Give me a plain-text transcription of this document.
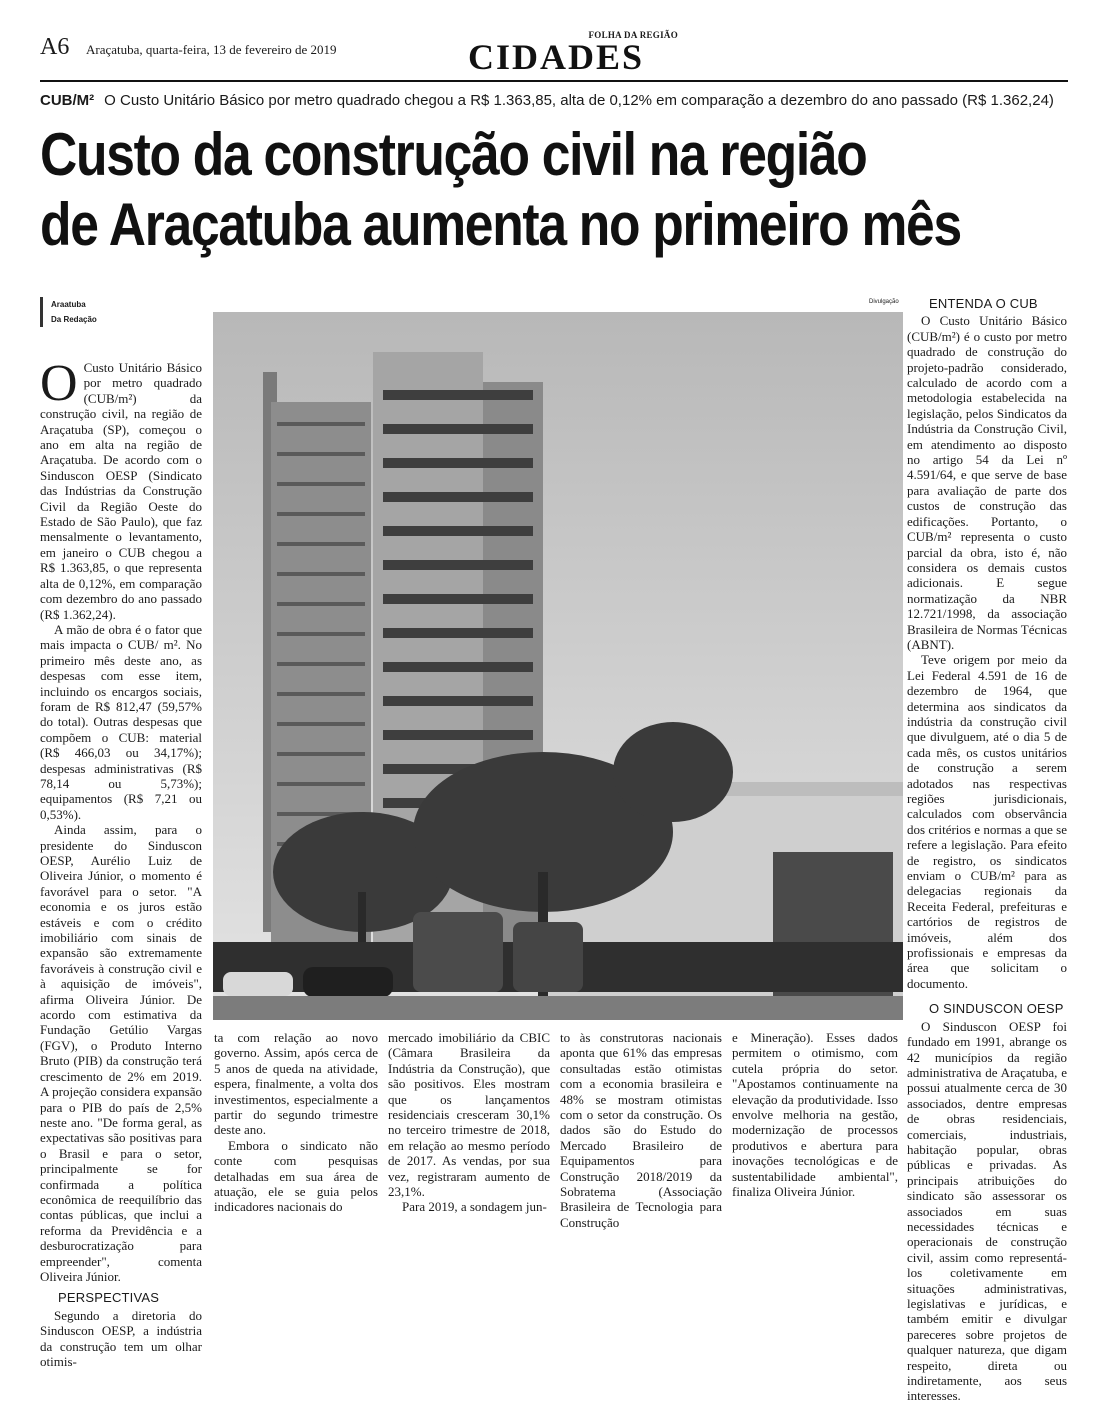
A6 Araçatuba, quarta-feira, 13 de fevereiro de 2019
FOLHA DA REGIÃO
CIDADES
CUB/M² O Custo Unitário Básico por metro quadrado chegou a R$ 1.363,85, alta de 0,12% em comparação a dezembro do ano passado (R$ 1.362,24)
Custo da construção civil na região
de Araçatuba aumenta no primeiro mês
Araatuba
Da Redação

O Custo Unitário Básico por metro quadrado (CUB/m²) da construção civil, na região de Araçatuba (SP), começou o ano em alta na região de Araçatuba. De acordo com o Sinduscon OESP (Sindicato das Indústrias da Construção Civil da Região Oeste do Estado de São Paulo), que faz mensalmente o levantamento, em janeiro o CUB chegou a R$ 1.363,85, o que representa alta de 0,12%, em comparação com dezembro do ano passado (R$ 1.362,24).

A mão de obra é o fator que mais impacta o CUB/ m². No primeiro mês deste ano, as despesas com esse item, incluindo os encargos sociais, foram de R$ 812,47 (59,57% do total). Outras despesas que compõem o CUB: material (R$ 466,03 ou 34,17%); despesas administrativas (R$ 78,14 ou 5,73%); equipamentos (R$ 7,21 ou 0,53%).

Ainda assim, para o presidente do Sinduscon OESP, Aurélio Luiz de Oliveira Júnior, o momento é favorável para o setor. "A economia e os juros estão estáveis e com o crédito imobiliário com sinais de expansão são extremamente favoráveis à construção civil e à aquisição de imóveis", afirma Oliveira Júnior. De acordo com estimativa da Fundação Getúlio Vargas (FGV), o Produto Interno Bruto (PIB) da construção terá crescimento de 2% em 2019. A projeção considera expansão para o PIB do país de 2,5% neste ano. "De forma geral, as expectativas são positivas para o Brasil e para o setor, principalmente se for confirmada a política econômica de reequilíbrio das contas públicas, que inclui a reforma da Previdência e a desburocratização para empreender", comenta Oliveira Júnior.

PERSPECTIVAS

Segundo a diretoria do Sinduscon OESP, a indústria da construção tem um olhar otimis-

Divulgação
ta com relação ao novo governo. Assim, após cerca de 5 anos de queda na atividade, espera, finalmente, a volta dos investimentos, especialmente a partir do segundo trimestre deste ano.
Embora o sindicato não conte com pesquisas detalhadas em sua área de atuação, ele se guia pelos indicadores nacionais do
mercado imobiliário da CBIC (Câmara Brasileira da Indústria da Construção), que são positivos. Eles mostram que os lançamentos residenciais cresceram 30,1% no terceiro trimestre de 2018, em relação ao mesmo período de 2017. As vendas, por sua vez, registraram aumento de 23,1%.
Para 2019, a sondagem jun-
to às construtoras nacionais aponta que 61% das empresas consultadas estão otimistas com a economia brasileira e 48% se mostram otimistas com o setor da construção. Os dados são do Estudo do Mercado Brasileiro de Equipamentos para Construção 2018/2019 da Sobratema (Associação Brasileira de Tecnologia para Construção
e Mineração). Esses dados permitem o otimismo, com cutela própria do setor. "Apostamos continuamente na elevação da produtividade. Isso envolve melhoria na gestão, modernização de processos produtivos e abertura para inovações tecnológicas e de sustentabilidade ambiental", finaliza Oliveira Júnior.
ENTENDA O CUB

O Custo Unitário Básico (CUB/m²) é o custo por metro quadrado de construção do projeto-padrão considerado, calculado de acordo com a metodologia estabelecida na legislação, pelos Sindicatos da Indústria da Construção Civil, em atendimento ao disposto no artigo 54 da Lei nº 4.591/64, e que serve de base para avaliação de parte dos custos de construção das edificações. Portanto, o CUB/m² representa o custo parcial da obra, isto é, não considera os demais custos adicionais. E segue normatização da NBR 12.721/1998, da associação Brasileira de Normas Técnicas (ABNT).

Teve origem por meio da Lei Federal 4.591 de 16 de dezembro de 1964, que determina aos sindicatos da indústria da construção civil que divulguem, até o dia 5 de cada mês, os custos unitários de construção a serem adotados nas respectivas regiões jurisdicionais, calculados com observância dos critérios e normas a que se refere a legislação. Para efeito de registro, os sindicatos enviam o CUB/m² para as delegacias regionais da Receita Federal, prefeituras e cartórios de registros de imóveis, além dos profissionais e empresas da área que solicitam o documento.

O SINDUSCON OESP

O Sinduscon OESP foi fundado em 1991, abrange os 42 municípios da região administrativa de Araçatuba, e possui atualmente cerca de 30 associados, dentre empresas de obras residenciais, comerciais, industriais, habitação popular, obras públicas e privadas. As principais atribuições do sindicato são assessorar os associados em suas necessidades técnicas e operacionais de construção civil, assim como representá-los coletivamente em situações administrativas, legislativas e jurídicas, e também emitir e divulgar pareceres sobre projetos de qualquer natureza, que digam respeito, direta ou indiretamente, aos seus interesses.
